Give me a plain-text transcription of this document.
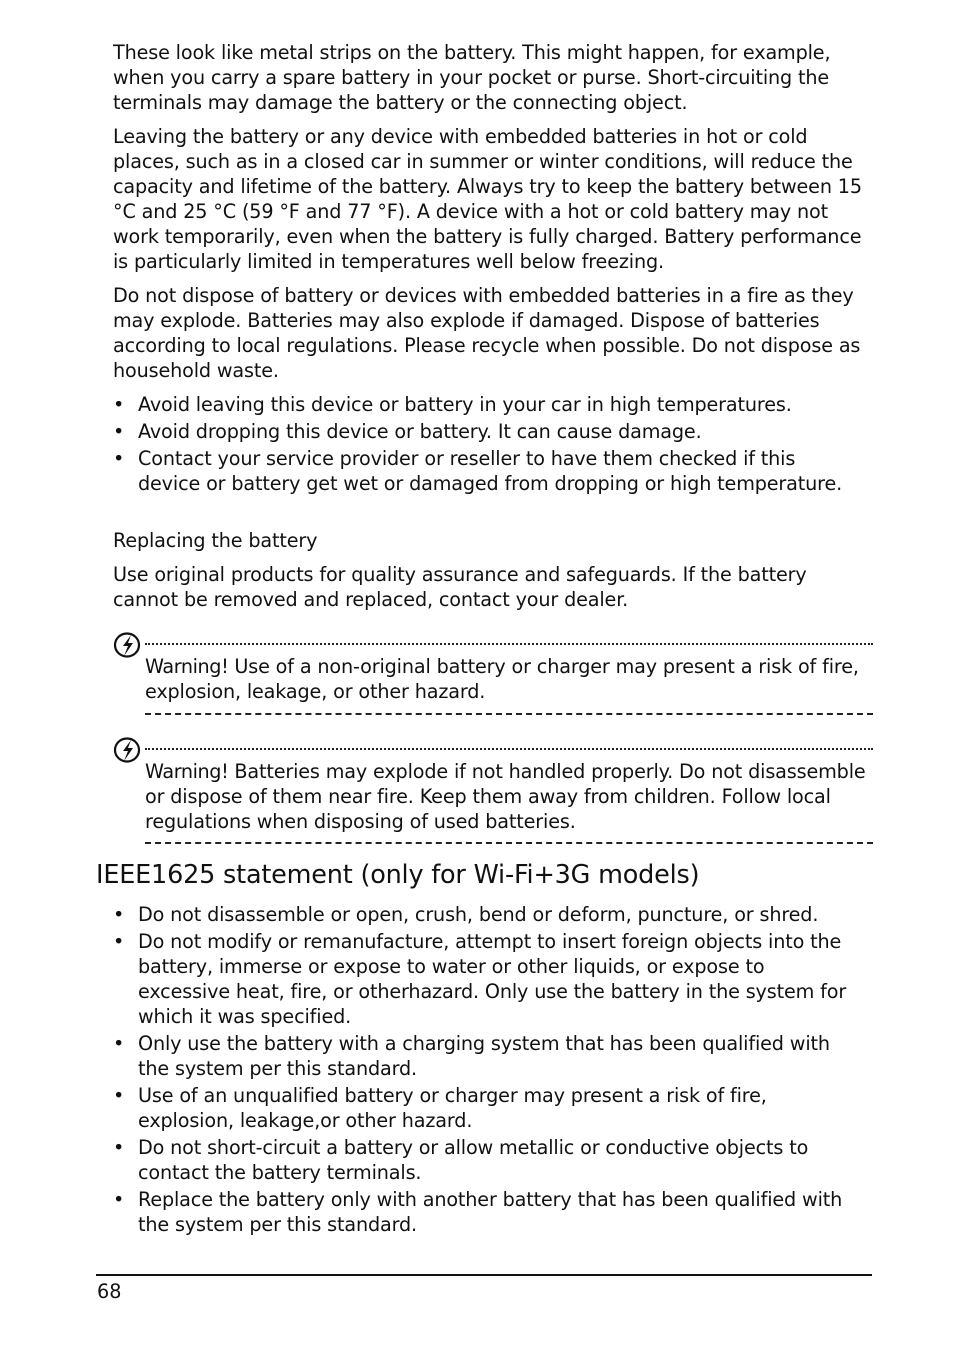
These look like metal strips on the battery. This might happen, for example, when you carry a spare battery in your pocket or purse. Short-circuiting the terminals may damage the battery or the connecting object.

Leaving the battery or any device with embedded batteries in hot or cold places, such as in a closed car in summer or winter conditions, will reduce the capacity and lifetime of the battery. Always try to keep the battery between 15 °C and 25 °C (59 °F and 77 °F). A device with a hot or cold battery may not work temporarily, even when the battery is fully charged. Battery performance is particularly limited in temperatures well below freezing.

Do not dispose of battery or devices with embedded batteries in a fire as they may explode. Batteries may also explode if damaged. Dispose of batteries according to local regulations. Please recycle when possible. Do not dispose as household waste.

• Avoid leaving this device or battery in your car in high temperatures.
• Avoid dropping this device or battery. It can cause damage.
• Contact your service provider or reseller to have them checked if this device or battery get wet or damaged from dropping or high temperature.

Replacing the battery

Use original products for quality assurance and safeguards. If the battery cannot be removed and replaced, contact your dealer.

Warning! Use of a non-original battery or charger may present a risk of fire, explosion, leakage, or other hazard.
Warning! Batteries may explode if not handled properly. Do not disassemble or dispose of them near fire. Keep them away from children. Follow local regulations when disposing of used batteries.
IEEE1625 statement (only for Wi-Fi+3G models)
• Do not disassemble or open, crush, bend or deform, puncture, or shred.
• Do not modify or remanufacture, attempt to insert foreign objects into the battery, immerse or expose to water or other liquids, or expose to excessive heat, fire, or otherhazard. Only use the battery in the system for which it was specified.
• Only use the battery with a charging system that has been qualified with the system per this standard.
• Use of an unqualified battery or charger may present a risk of fire, explosion, leakage,or other hazard.
• Do not short-circuit a battery or allow metallic or conductive objects to contact the battery terminals.
• Replace the battery only with another battery that has been qualified with the system per this standard.
68
